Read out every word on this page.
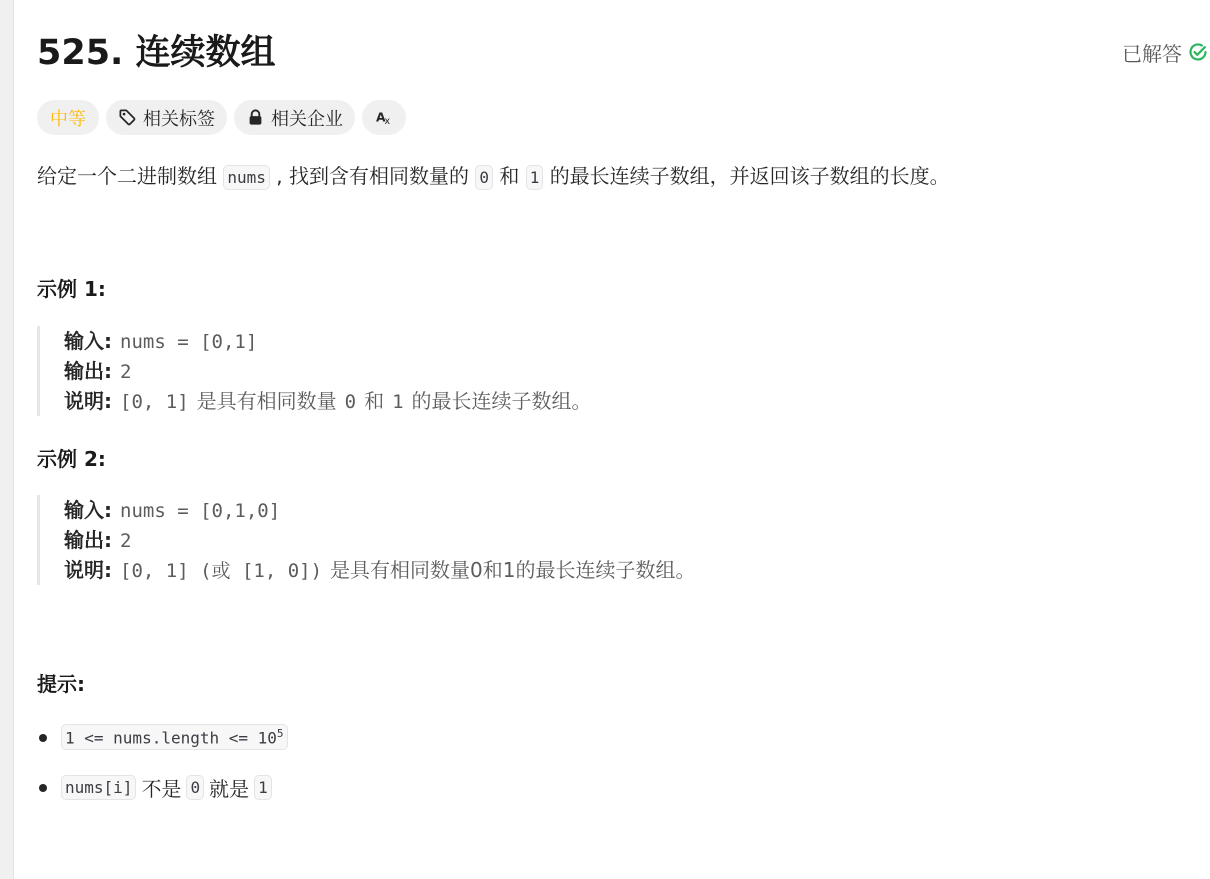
525. 连续数组	已解答
中等	相关标签	相关企业 A
x

给定一个二进制数组 nums , 找到含有相同数量的 0 和 1 的最长连续子数组，并返回该子数组的长度。

示例 1:

输入: nums = [0,1]
输出: 2
说明: [0, 1] 是具有相同数量 0 和 1 的最长连续子数组。

示例 2:

输入: nums = [0,1,0]
输出: 2
说明: [0, 1] (或 [1, 0]) 是具有相同数量0和1的最长连续子数组。

提示:

1 <= nums.length <= $10^5$
nums[i] 不是 0 就是 1
